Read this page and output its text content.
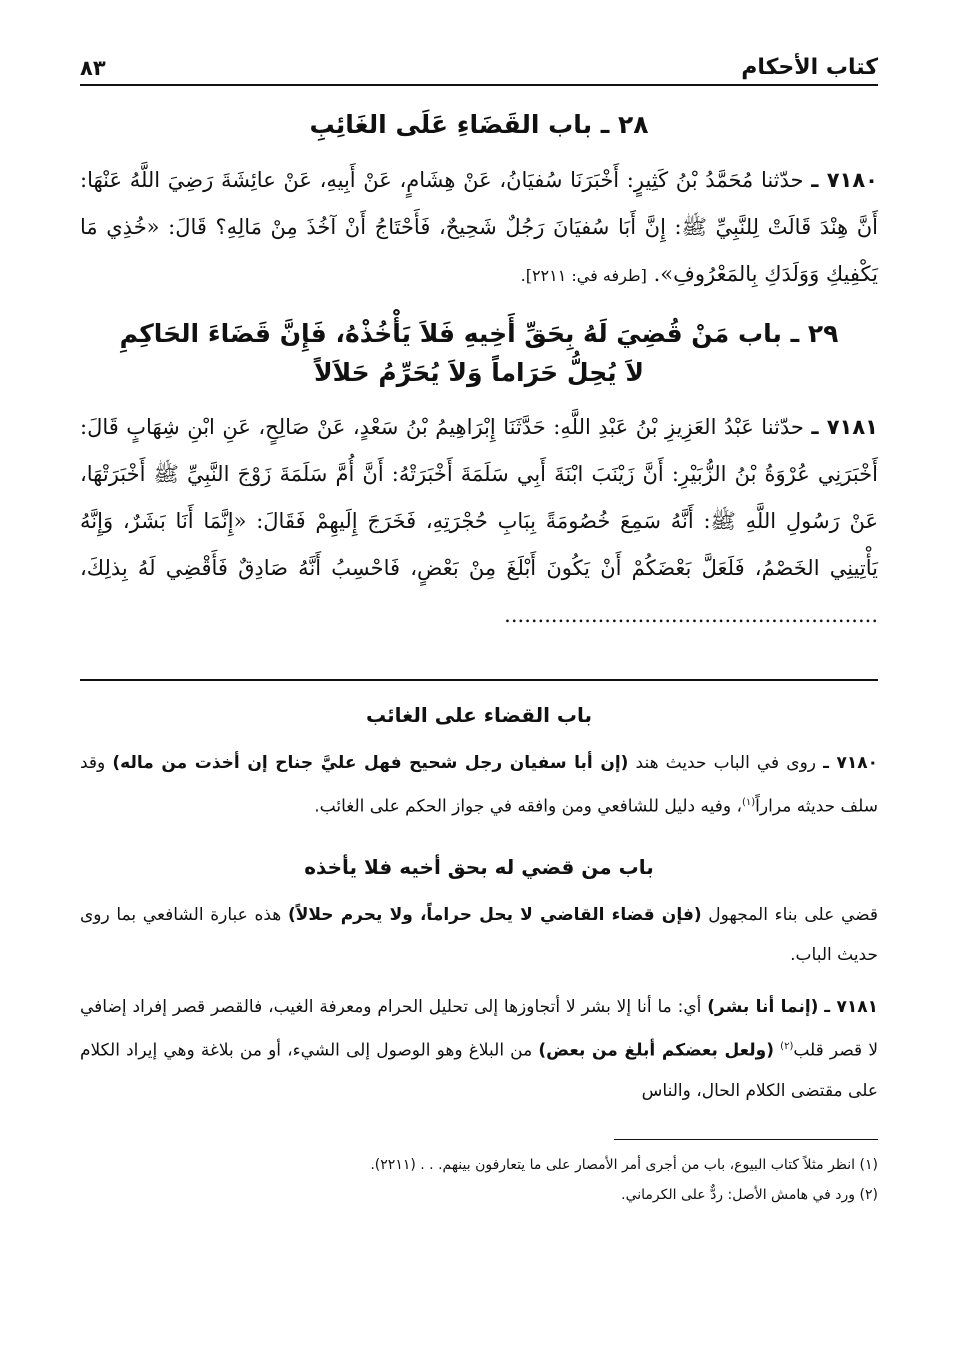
كتاب الأحكام
٨٣
٢٨ ـ باب القَضَاءِ عَلَى الغَائِبِ
٧١٨٠ ـ حدّثنا مُحَمَّدُ بْنُ كَثِيرٍ: أَخْبَرَنَا سُفيَانُ، عَنْ هِشَامٍ، عَنْ أَبِيهِ، عَنْ عائِشَةَ رَضِيَ اللَّهُ عَنْهَا: أَنَّ هِنْدَ قَالَتْ لِلنَّبِيِّ ﷺ: إِنَّ أَبَا سُفيَانَ رَجُلٌ شَحِيحٌ، فَأَحْتَاجُ أَنْ آخُذَ مِنْ مَالِهِ؟ قَالَ: «خُذِي مَا يَكْفِيكِ وَوَلَدَكِ بِالمَعْرُوفِ». [طرفه في: ٢٢١١].
٢٩ ـ باب مَنْ قُضِيَ لَهُ بِحَقِّ أَخِيهِ فَلاَ يَأْخُذْهُ، فَإِنَّ قَضَاءَ الحَاكِمِ
لاَ يُحِلُّ حَرَاماً وَلاَ يُحَرِّمُ حَلاَلاً
٧١٨١ ـ حدّثنا عَبْدُ العَزِيزِ بْنُ عَبْدِ اللَّهِ: حَدَّثَنَا إِبْرَاهِيمُ بْنُ سَعْدٍ، عَنْ صَالِحٍ، عَنِ ابْنِ شِهَابٍ قَالَ: أَخْبَرَنِي عُرْوَةُ بْنُ الزُّبَيْرِ: أَنَّ زَيْنَبَ ابْنَةَ أَبِي سَلَمَةَ أَخْبَرَتْهُ: أَنَّ أُمَّ سَلَمَةَ زَوْجَ النَّبِيِّ ﷺ أَخْبَرَتْهَا، عَنْ رَسُولِ اللَّهِ ﷺ: أَنَّهُ سَمِعَ خُصُومَةً بِبَابِ حُجْرَتِهِ، فَخَرَجَ إِلَيهِمْ فَقَالَ: «إِنَّمَا أَنَا بَشَرٌ، وَإِنَّهُ يَأْتِينِي الخَصْمُ، فَلَعَلَّ بَعْضَكُمْ أَنْ يَكُونَ أَبْلَغَ مِنْ بَعْضٍ، فَاحْسِبُ أَنَّهُ صَادِقٌ فَأَقْضِي لَهُ بِذلِكَ، ........................................................
باب القضاء على الغائب

٧١٨٠ ـ روى في الباب حديث هند (إن أبا سفيان رجل شحيح فهل عليَّ جناح إن أخذت من ماله) وقد سلف حديثه مراراً$^{(١)}$، وفيه دليل للشافعي ومن وافقه في جواز الحكم على الغائب.

باب من قضي له بحق أخيه فلا يأخذه

قضي على بناء المجهول (فإن قضاء القاضي لا يحل حراماً، ولا يحرم حلالاً) هذه عبارة الشافعي بما روى حديث الباب.

٧١٨١ ـ (إنما أنا بشر) أي: ما أنا إلا بشر لا أتجاوزها إلى تحليل الحرام ومعرفة الغيب، فالقصر قصر إفراد إضافي لا قصر قلب$^{(٢)}$ (ولعل بعضكم أبلغ من بعض) من البلاغ وهو الوصول إلى الشيء، أو من بلاغة وهي إيراد الكلام على مقتضى الكلام الحال، والناس

(١) انظر مثلاً كتاب البيوع، باب من أجرى أمر الأمصار على ما يتعارفون بينهم. . . (٢٢١١).
(٢) ورد في هامش الأصل: ردٌّ على الكرماني.
